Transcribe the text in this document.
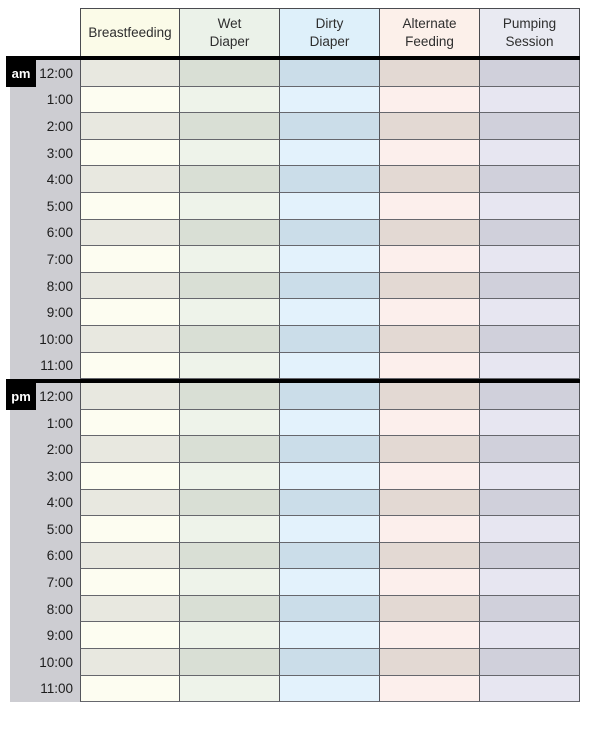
Breastfeeding
Wet
Diaper
Dirty
Diaper
Alternate
Feeding
Pumping
Session
am 12:00
1:00
2:00
3:00
4:00
5:00
6:00
7:00
8:00
9:00
10:00
11:00
pm 12:00
1:00
2:00
3:00
4:00
5:00
6:00
7:00
8:00
9:00
10:00
11:00
